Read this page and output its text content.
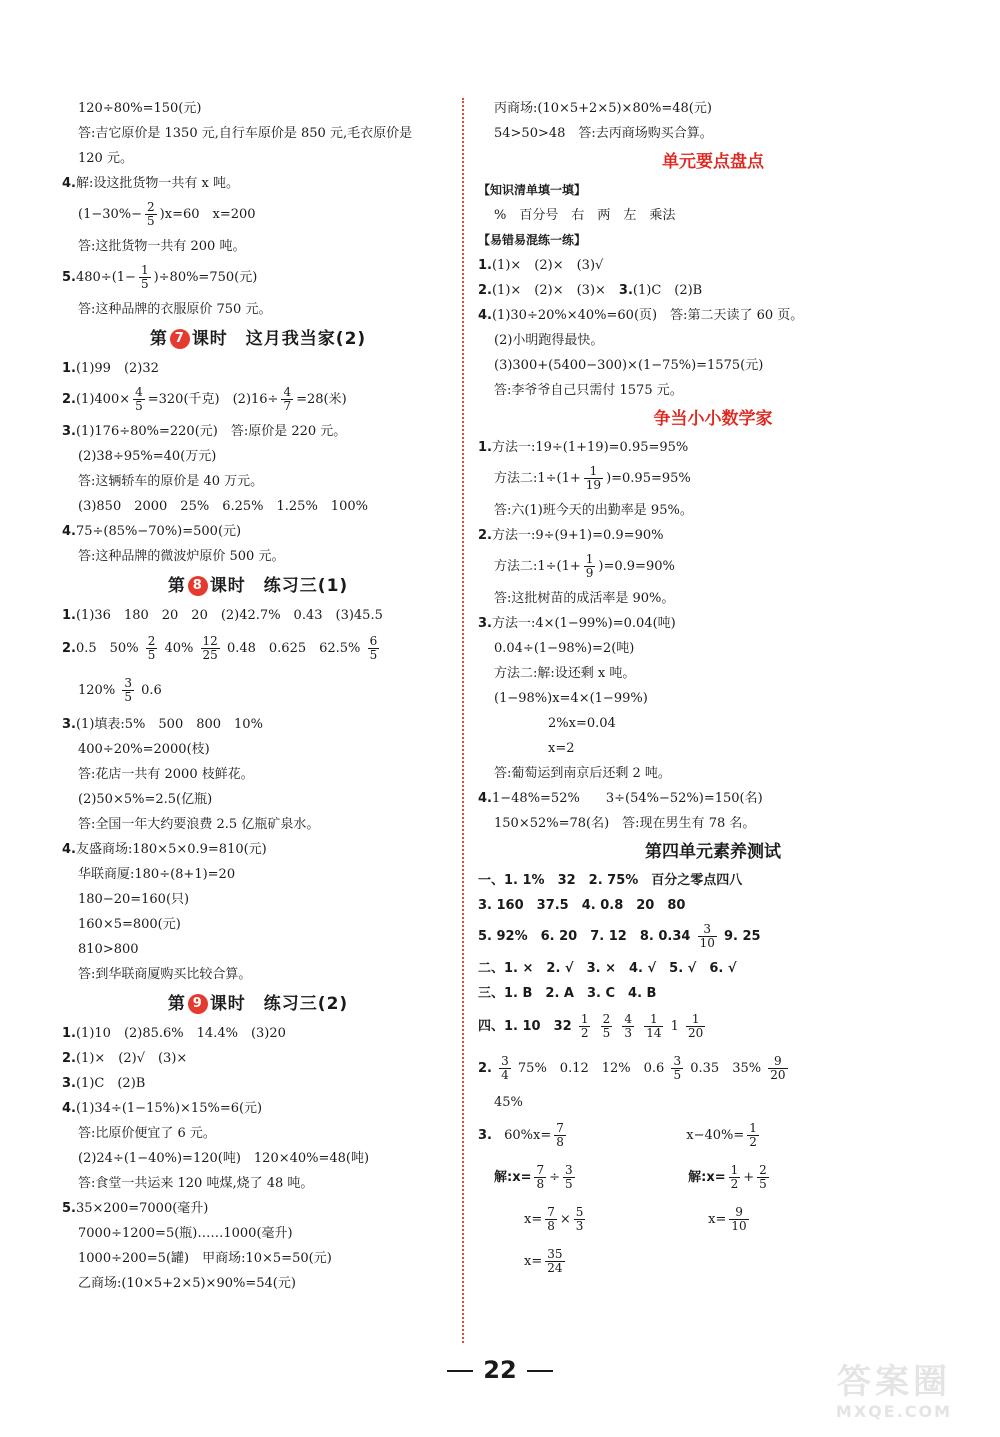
120÷80%=150(元)
答:吉它原价是 1350 元,自行车原价是 850 元,毛衣原价是
120 元。
4.解:设这批货物一共有 x 吨。
$(1-30\%- \frac{2}{5} )x=60$　x=200
答:这批货物一共有 200 吨。
$5.480\div(1- \frac{1}{5} )\div 80\%=750$(元)
答:这种品牌的衣服原价 750 元。
第 7 课时　这月我当家(2)
1.(1)99　(2)32
$2.(1)400\times \frac{4}{5} =320$(千克)　$(2)16\div \frac{4}{7} =28$(米)
3.(1)176÷80%=220(元)　答:原价是 220 元。
(2)38÷95%=40(万元)
答:这辆轿车的原价是 40 万元。
(3)850　2000　25%　6.25%　1.25%　100%
4.75÷(85%−70%)=500(元)
答:这种品牌的微波炉原价 500 元。
第 8 课时　练习三(1)
1.(1)36　180　20　20　(2)42.7%　0.43　(3)45.5
2.0.5　$50\% \frac{2}{5} 40\% \frac{12}{25} 0.48$　0.625　$62.5\% \frac{6}{5}$
$120\% \frac{3}{5} 0.6$
3.(1)填表:5%　500　800　10%
400÷20%=2000(枝)
答:花店一共有 2000 枝鲜花。
(2)50×5%=2.5(亿瓶)
答:全国一年大约要浪费 2.5 亿瓶矿泉水。
4.友盛商场:180×5×0.9=810(元)
华联商厦:180÷(8+1)=20
180−20=160(只)
160×5=800(元)
810>800
答:到华联商厦购买比较合算。
第 9 课时　练习三(2)
1.(1)10　(2)85.6%　14.4%　(3)20
2.(1)×　(2)√　(3)×
3.(1)C　(2)B
4.(1)34÷(1−15%)×15%=6(元)
答:比原价便宜了 6 元。
(2)24÷(1−40%)=120(吨)　120×40%=48(吨)
答:食堂一共运来 120 吨煤,烧了 48 吨。
5.35×200=7000(毫升)
7000÷1200=5(瓶)……1000(毫升)
1000÷200=5(罐)　甲商场:10×5=50(元)
乙商场:(10×5+2×5)×90%=54(元)
丙商场:(10×5+2×5)×80%=48(元)
54>50>48　答:去丙商场购买合算。
单元要点盘点
【知识清单填一填】
%　百分号　右　两　左　乘法
【易错易混练一练】
1.(1)×　(2)×　(3)√
2.(1)×　(2)×　(3)×　 3.(1)C　(2)B
4.(1)30÷20%×40%=60(页)　答:第二天读了 60 页。
(2)小明跑得最快。
(3)300+(5400−300)×(1−75%)=1575(元)
答:李爷爷自己只需付 1575 元。
争当小小数学家
1.方法一:19÷(1+19)=0.95=95%
方法二:1÷(1+ $\frac{1}{19} )=0.95=95\%$
答:六(1)班今天的出勤率是 95%。
2.方法一:9÷(9+1)=0.9=90%
方法二:1÷(1+ $\frac{1}{9} )=0.9=90\%$
答:这批树苗的成活率是 90%。
3.方法一:4×(1−99%)=0.04(吨)
0.04÷(1−98%)=2(吨)
方法二:解:设还剩 x 吨。
(1−98%)x=4×(1−99%)
2%x=0.04
x=2
答:葡萄运到南京后还剩 2 吨。
4.1−48%=52%　　3÷(54%−52%)=150(名)
150×52%=78(名)　答:现在男生有 78 名。
第四单元素养测试
一、1. 1%　32　2. 75%　百分之零点四八
3. 160　37.5　4. 0.8　20　80
5. 92%　6. 20　7. 12　8. $0.34 \frac{3}{10} 9$. 25
二、1. ×　2. √　3. ×　4. √　5. √　6. √
三、1. B　2. A　3. C　4. B
四、1. 10　$32 \frac{1}{2}$
$\frac{2}{5}$
$\frac{4}{3}$
$\frac{1}{14} 1 \frac{1}{20}$
2. $\frac{3}{4} 75\%$　0.12　12%　$0.6 \frac{3}{5} 0.35$　$35\% \frac{9}{20}$
45%
3. $60\%x= \frac{7}{8}$	$x-40\%= \frac{1}{2}$
解:x= $\frac{7}{8} \div \frac{3}{5}$	解:x= $\frac{1}{2} + \frac{2}{5}$
$x= \frac{7}{8} \times \frac{5}{3}$	$x= \frac{9}{10}$
$x= \frac{35}{24}$
22	答案圈
MXQE.COM
